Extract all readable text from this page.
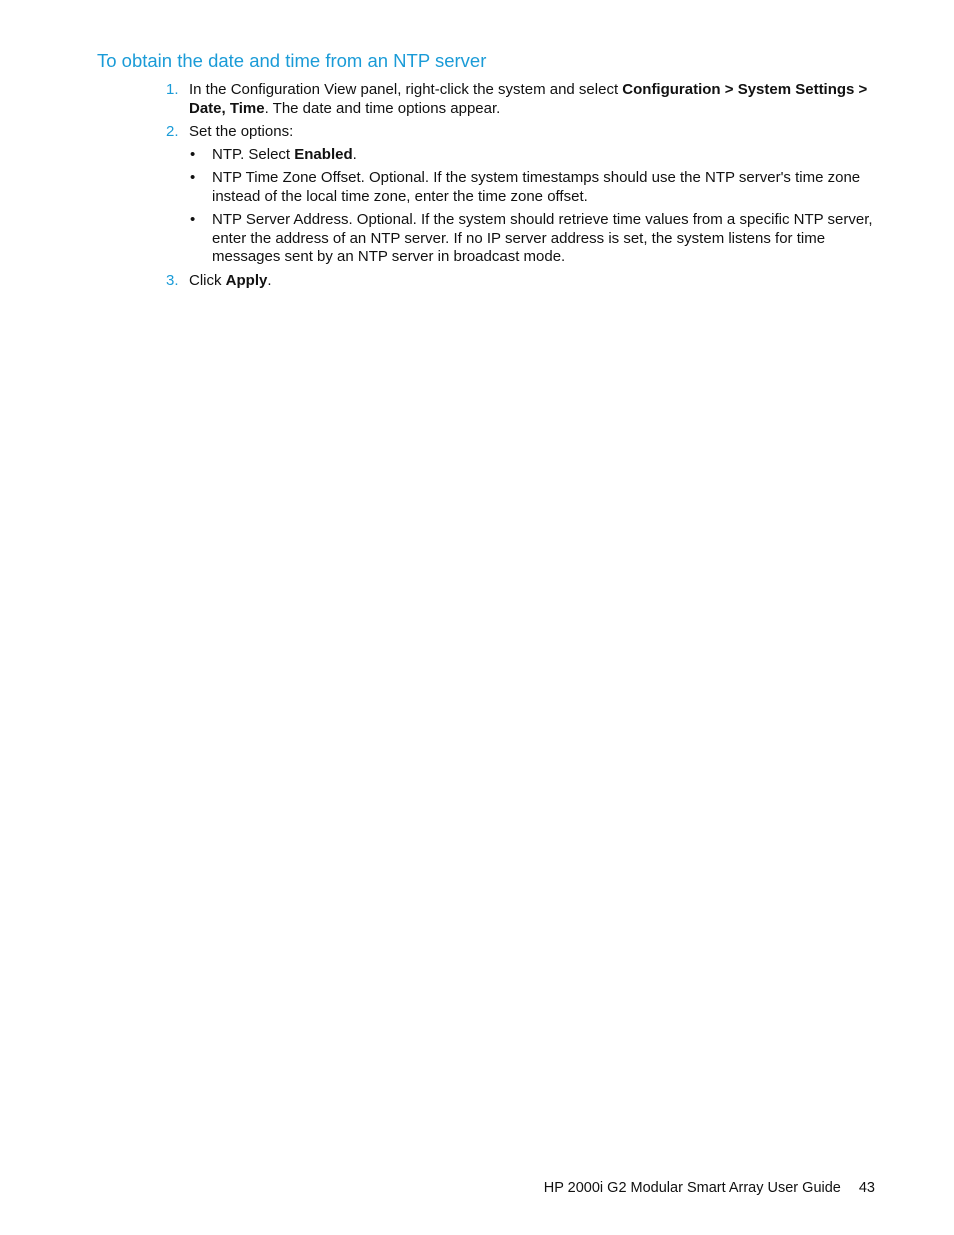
To obtain the date and time from an NTP server
1. In the Configuration View panel, right-click the system and select Configuration > System Settings > Date, Time. The date and time options appear.
2. Set the options:
• NTP. Select Enabled.
• NTP Time Zone Offset. Optional. If the system timestamps should use the NTP server's time zone instead of the local time zone, enter the time zone offset.
• NTP Server Address. Optional. If the system should retrieve time values from a specific NTP server, enter the address of an NTP server. If no IP server address is set, the system listens for time messages sent by an NTP server in broadcast mode.
3. Click Apply.
HP 2000i G2 Modular Smart Array User Guide 43
